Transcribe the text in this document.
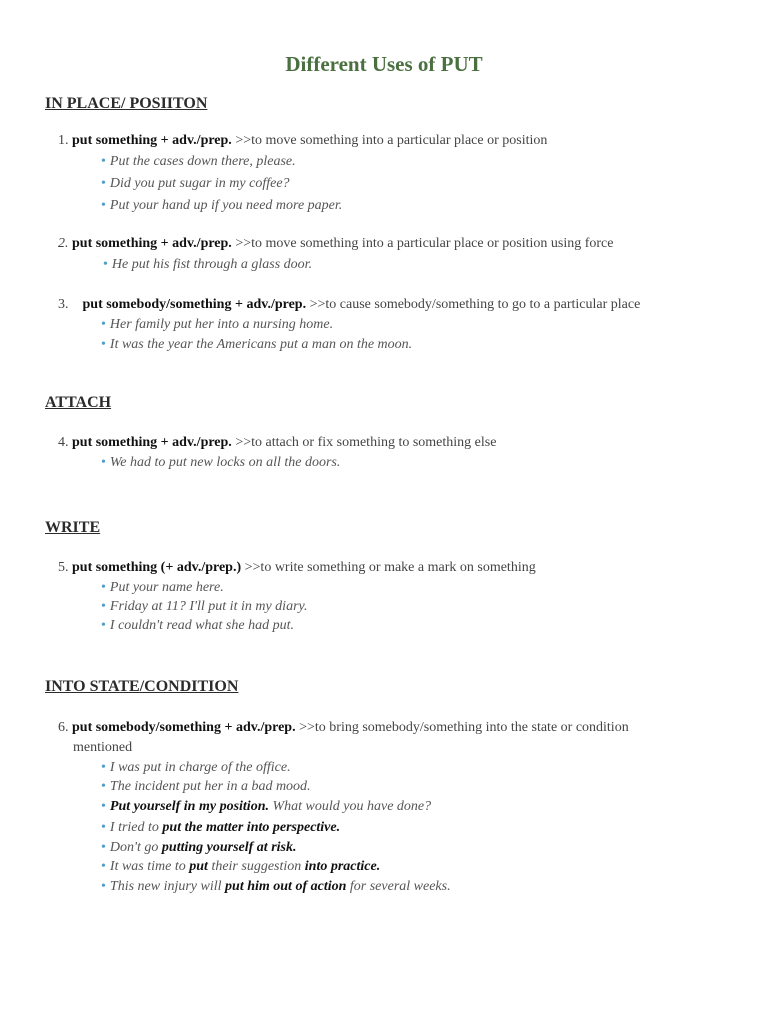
Different Uses of PUT
IN PLACE/ POSIITON
1. put something + adv./prep. >>to move something into a particular place or position
• Put the cases down there, please.
• Did you put sugar in my coffee?
• Put your hand up if you need more paper.
2. put something + adv./prep. >>to move something into a particular place or position using force
• He put his fist through a glass door.
3. put somebody/something + adv./prep. >>to cause somebody/something to go to a particular place
• Her family put her into a nursing home.
• It was the year the Americans put a man on the moon.
ATTACH
4. put something + adv./prep. >>to attach or fix something to something else
• We had to put new locks on all the doors.
WRITE
5. put something (+ adv./prep.) >>to write something or make a mark on something
• Put your name here.
• Friday at 11? I'll put it in my diary.
• I couldn't read what she had put.
INTO STATE/CONDITION
6. put somebody/something + adv./prep. >>to bring somebody/something into the state or condition
mentioned
• I was put in charge of the office.
• The incident put her in a bad mood.
• Put yourself in my position. What would you have done?
• I tried to put the matter into perspective.
• Don't go putting yourself at risk.
• It was time to put their suggestion into practice.
• This new injury will put him out of action for several weeks.
